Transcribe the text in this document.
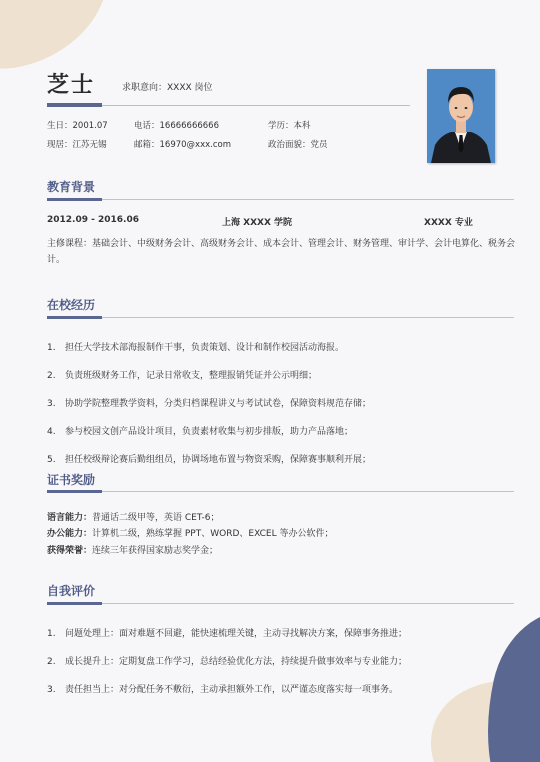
芝士	求职意向：XXXX 岗位
生日：2001.07	电话：16666666666	学历：本科
现居：江苏无锡	邮箱：16970@xxx.com	政治面貌：党员
教育背景
2012.09 - 2016.06	上海 XXXX 学院	XXXX 专业
主修课程：基础会计、中级财务会计、高级财务会计、成本会计、管理会计、财务管理、审计学、会计电算化、税务会计。
在校经历
1. 担任大学技术部海报制作干事，负责策划、设计和制作校园活动海报。
2. 负责班级财务工作，记录日常收支，整理报销凭证并公示明细；
3. 协助学院整理教学资料，分类归档课程讲义与考试试卷，保障资料规范存储；
4. 参与校园文创产品设计项目，负责素材收集与初步排版，助力产品落地；
5. 担任校级辩论赛后勤组组员，协调场地布置与物资采购，保障赛事顺利开展；
证书奖励
语言能力：普通话二级甲等，英语 CET-6；
办公能力：计算机二级，熟练掌握 PPT、WORD、EXCEL 等办公软件；
获得荣誉：连续三年获得国家励志奖学金；
自我评价
1. 问题处理上：面对难题不回避，能快速梳理关键，主动寻找解决方案，保障事务推进；
2. 成长提升上：定期复盘工作学习，总结经验优化方法，持续提升做事效率与专业能力；
3. 责任担当上：对分配任务不敷衍，主动承担额外工作，以严谨态度落实每一项事务。
